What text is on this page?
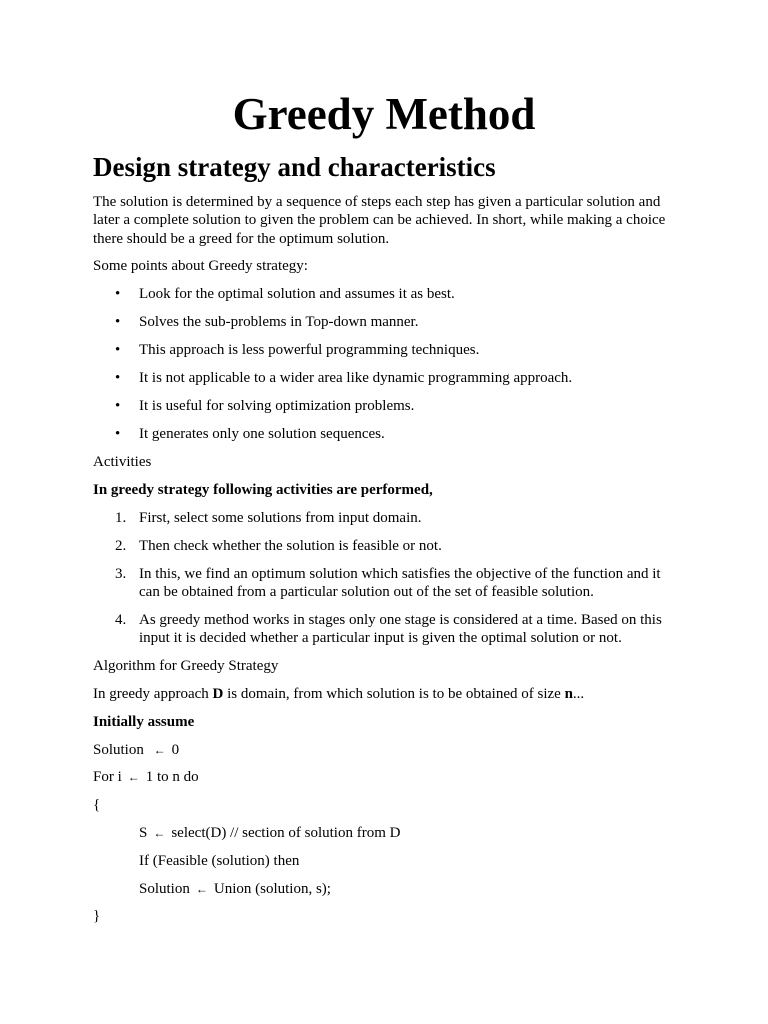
Greedy Method
Design strategy and characteristics

The solution is determined by a sequence of steps each step has given a particular solution and later a complete solution to given the problem can be achieved. In short, while making a choice there should be a greed for the optimum solution.

Some points about Greedy strategy:

• Look for the optimal solution and assumes it as best.
• Solves the sub-problems in Top-down manner.
• This approach is less powerful programming techniques.
• It is not applicable to a wider area like dynamic programming approach.
• It is useful for solving optimization problems.
• It generates only one solution sequences.

Activities

In greedy strategy following activities are performed,

1. First, select some solutions from input domain.
2. Then check whether the solution is feasible or not.
3. In this, we find an optimum solution which satisfies the objective of the function and it can be obtained from a particular solution out of the set of feasible solution.
4. As greedy method works in stages only one stage is considered at a time. Based on this input it is decided whether a particular input is given the optimal solution or not.

Algorithm for Greedy Strategy

In greedy approach D is domain, from which solution is to be obtained of size n...

Initially assume

Solution ← 0

For i ← 1 to n do

{

S ← select(D) // section of solution from D

If (Feasible (solution) then

Solution ← Union (solution, s);

}
